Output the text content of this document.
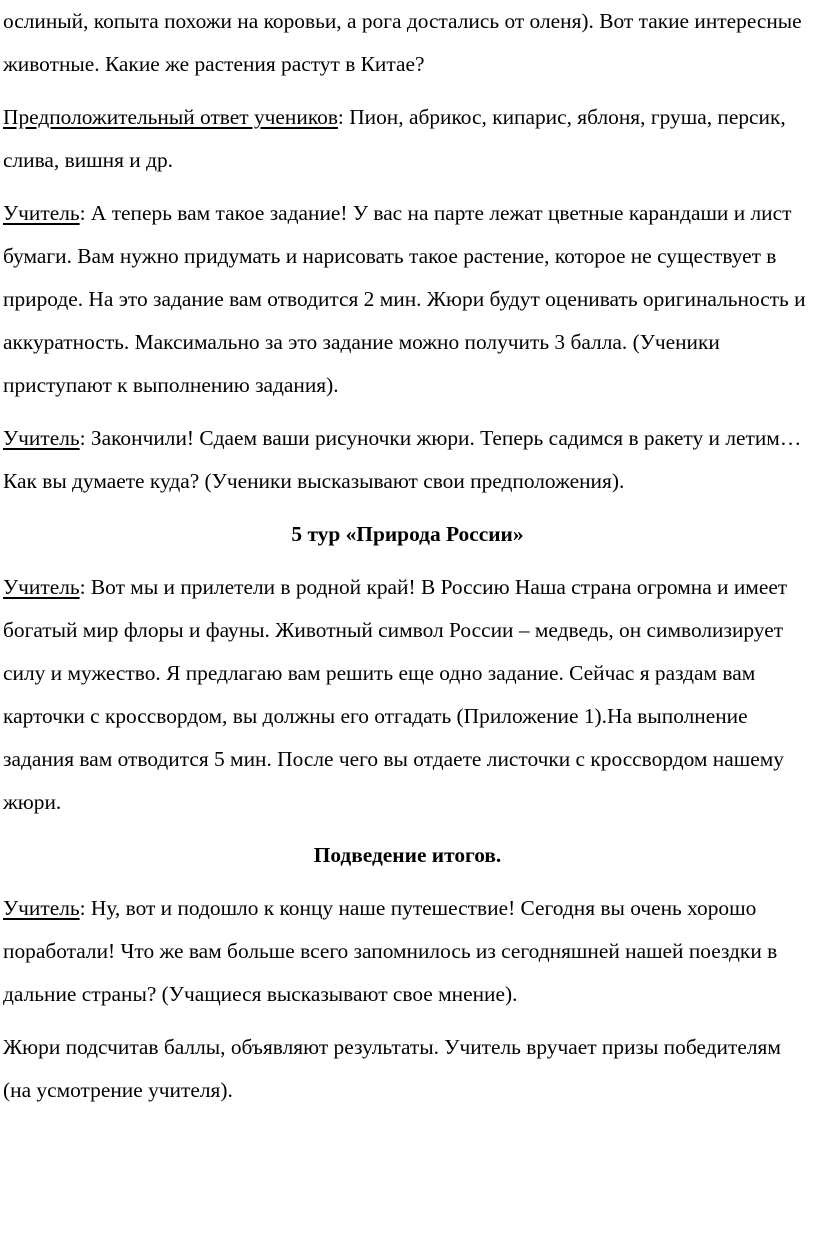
ослиный, копыта похожи на коровьи, а рога достались от оленя). Вот такие интересные животные. Какие же растения растут в Китае?

Предположительный ответ учеников: Пион, абрикос, кипарис, яблоня, груша, персик, слива, вишня и др.

Учитель: А теперь вам такое задание! У вас на парте лежат цветные карандаши и лист бумаги. Вам нужно придумать и нарисовать такое растение, которое не существует в природе. На это задание вам отводится 2 мин. Жюри будут оценивать оригинальность и аккуратность. Максимально за это задание можно получить 3 балла. (Ученики приступают к выполнению задания).

Учитель: Закончили! Сдаем ваши рисуночки жюри. Теперь садимся в ракету и летим… Как вы думаете куда? (Ученики высказывают свои предположения).

5 тур «Природа России»

Учитель: Вот мы и прилетели в родной край! В Россию Наша страна огромна и имеет богатый мир флоры и фауны. Животный символ России – медведь, он символизирует силу и мужество. Я предлагаю вам решить еще одно задание. Сейчас я раздам вам карточки с кроссвордом, вы должны его отгадать (Приложение 1).На выполнение задания вам отводится 5 мин. После чего вы отдаете листочки с кроссвордом нашему жюри.

Подведение итогов.

Учитель: Ну, вот и подошло к концу наше путешествие! Сегодня вы очень хорошо поработали! Что же вам больше всего запомнилось из сегодняшней нашей поездки в дальние страны? (Учащиеся высказывают свое мнение).

Жюри подсчитав баллы, объявляют результаты. Учитель вручает призы победителям (на усмотрение учителя).
